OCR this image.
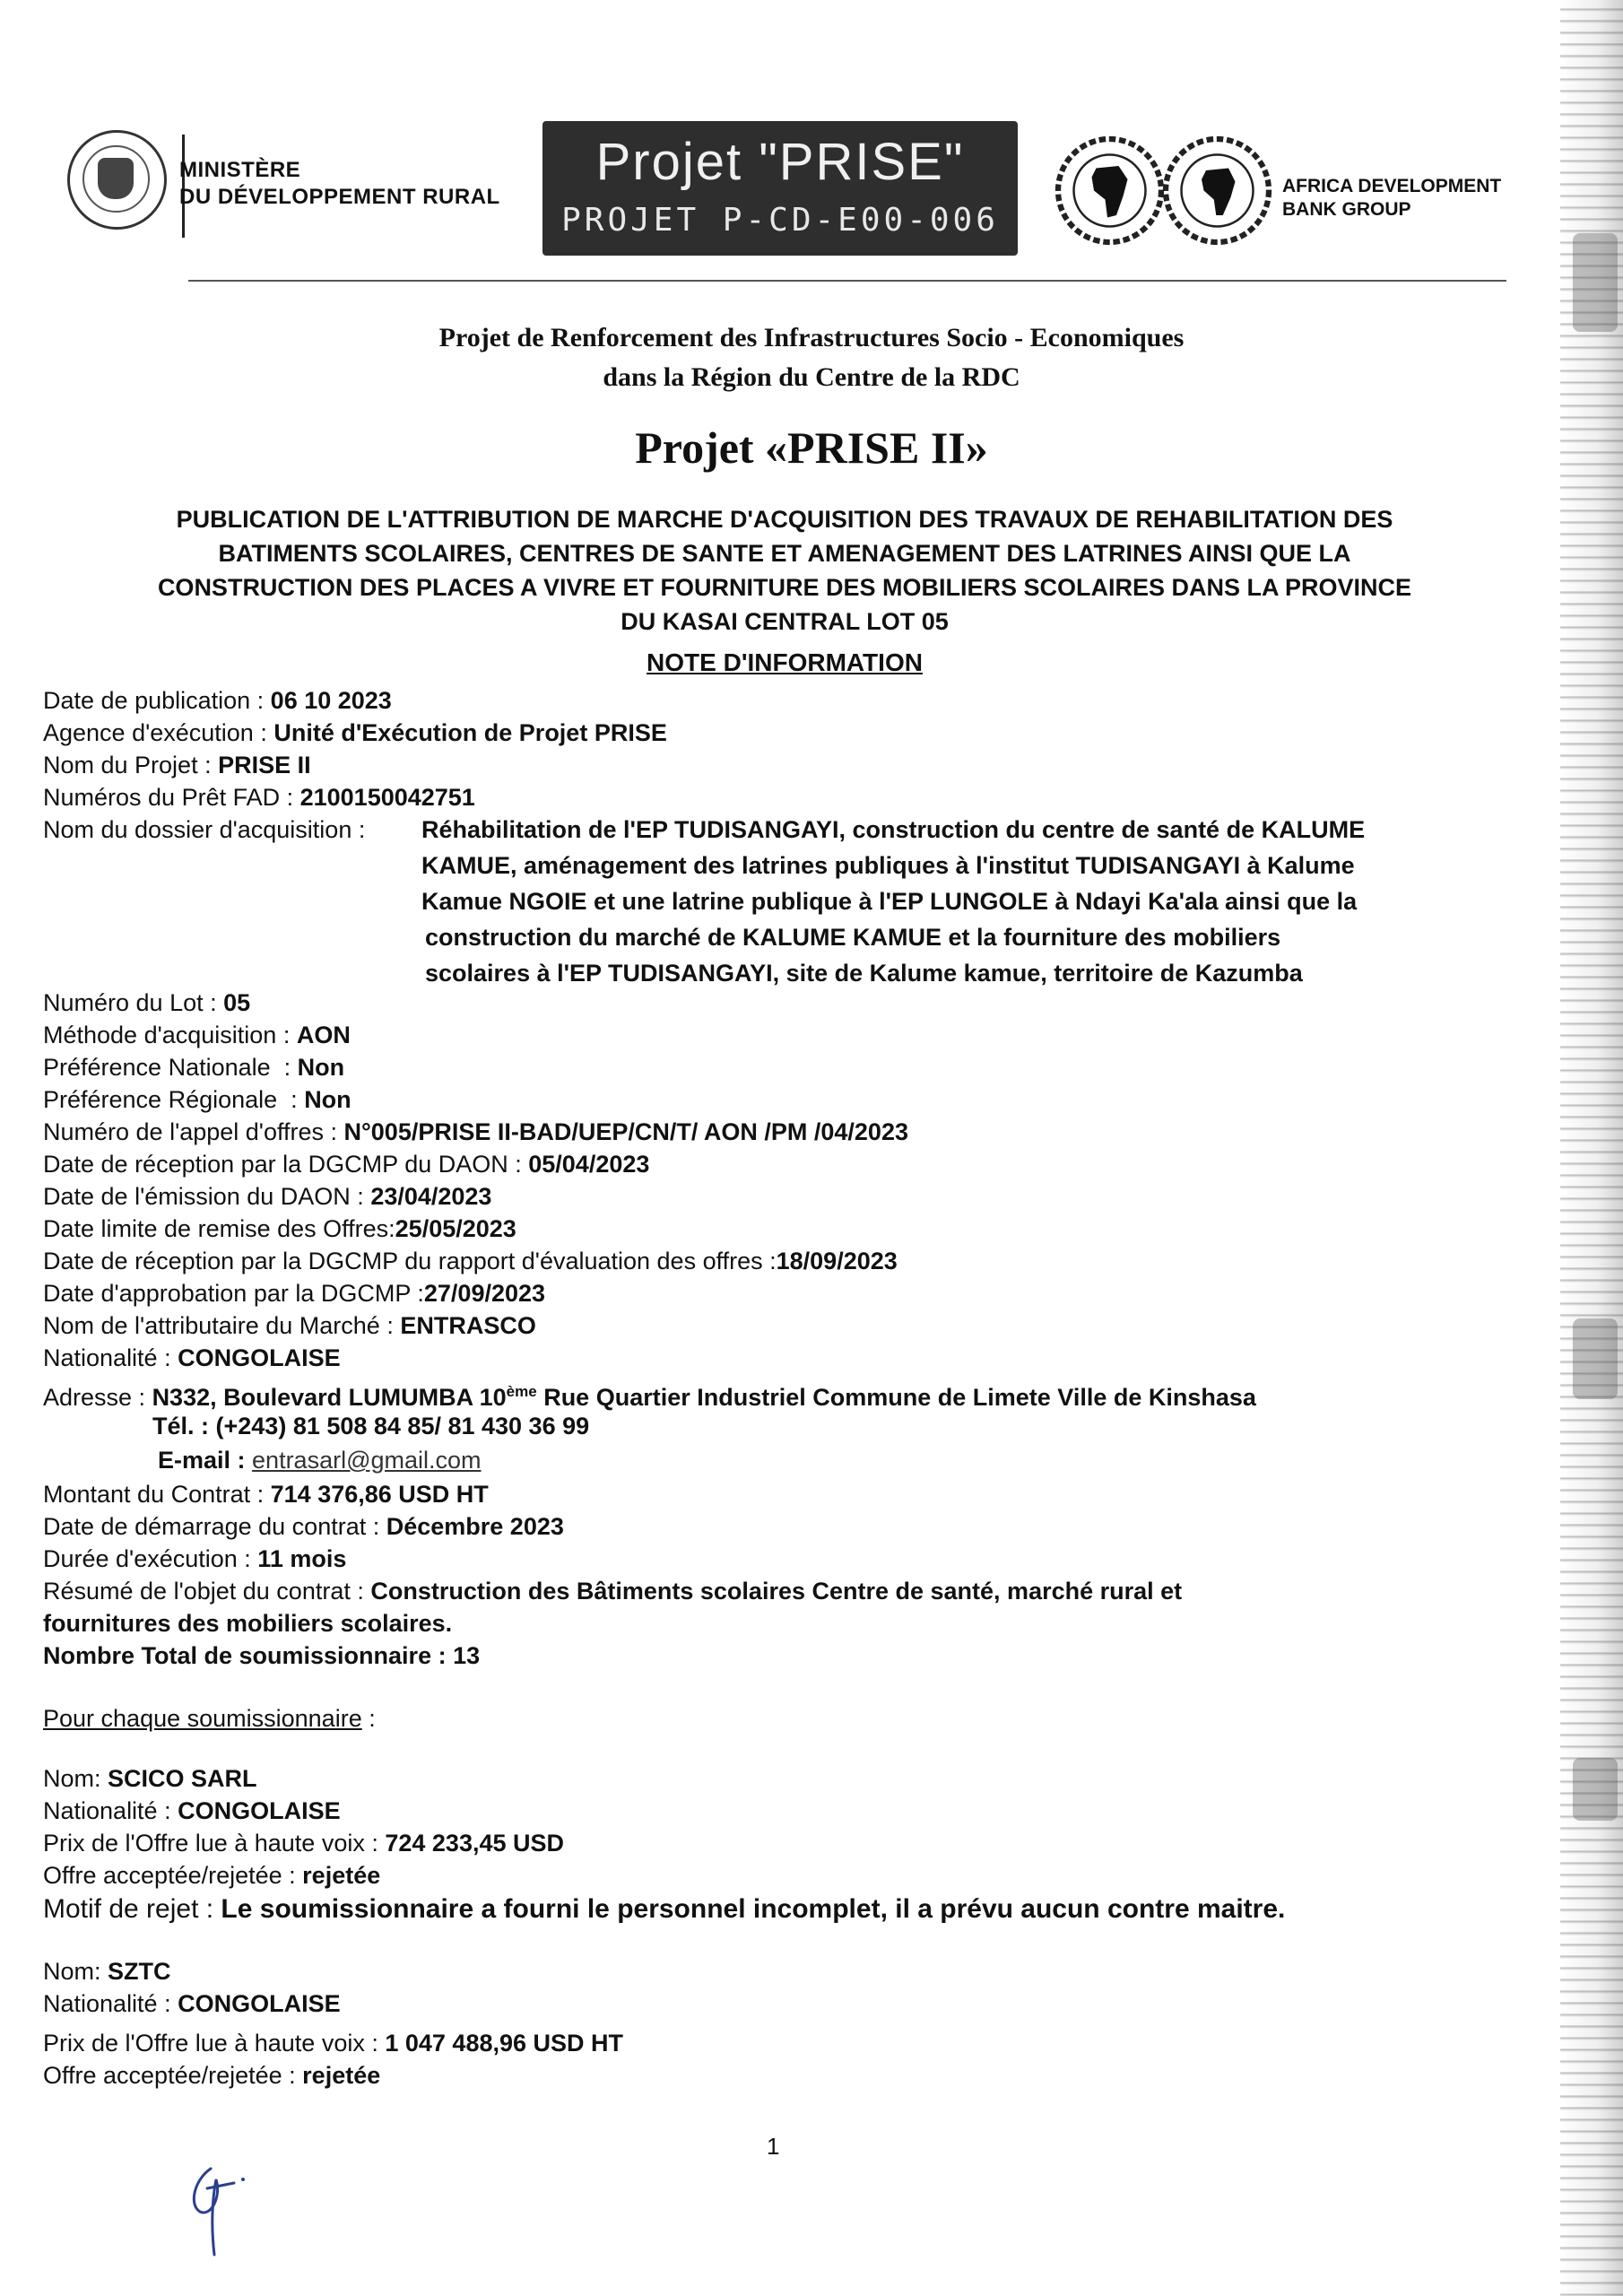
MINISTÈRE
DU DÉVELOPPEMENT RURAL
Projet "PRISE"
PROJET P-CD-E00-006
AFRICA DEVELOPMENT
BANK GROUP
Projet de Renforcement des Infrastructures Socio - Economiques
dans la Région du Centre de la RDC
Projet «PRISE II»
PUBLICATION DE L'ATTRIBUTION DE MARCHE D'ACQUISITION DES TRAVAUX DE REHABILITATION DES
BATIMENTS SCOLAIRES, CENTRES DE SANTE ET AMENAGEMENT DES LATRINES AINSI QUE LA
CONSTRUCTION DES PLACES A VIVRE ET FOURNITURE DES MOBILIERS SCOLAIRES DANS LA PROVINCE
DU KASAI CENTRAL LOT 05
NOTE D'INFORMATION
Date de publication : 06 10 2023
Agence d'exécution : Unité d'Exécution de Projet PRISE
Nom du Projet : PRISE II
Numéros du Prêt FAD : 2100150042751
Nom du dossier d'acquisition : Réhabilitation de l'EP TUDISANGAYI, construction du centre de santé de KALUME
KAMUE, aménagement des latrines publiques à l'institut TUDISANGAYI à Kalume
Kamue NGOIE et une latrine publique à l'EP LUNGOLE à Ndayi Ka'ala ainsi que la
construction du marché de KALUME KAMUE et la fourniture des mobiliers
scolaires à l'EP TUDISANGAYI, site de Kalume kamue, territoire de Kazumba
Numéro du Lot : 05
Méthode d'acquisition : AON
Préférence Nationale  : Non
Préférence Régionale  : Non
Numéro de l'appel d'offres : N°005/PRISE II-BAD/UEP/CN/T/ AON /PM /04/2023
Date de réception par la DGCMP du DAON : 05/04/2023
Date de l'émission du DAON : 23/04/2023
Date limite de remise des Offres:25/05/2023
Date de réception par la DGCMP du rapport d'évaluation des offres :18/09/2023
Date d'approbation par la DGCMP :27/09/2023
Nom de l'attributaire du Marché : ENTRASCO
Nationalité : CONGOLAISE
Adresse : N332, Boulevard LUMUMBA 10ème Rue Quartier Industriel Commune de Limete Ville de Kinshasa
Tél. : (+243) 81 508 84 85/ 81 430 36 99
E-mail : entrasarl@gmail.com
Montant du Contrat : 714 376,86 USD HT
Date de démarrage du contrat : Décembre 2023
Durée d'exécution : 11 mois
Résumé de l'objet du contrat : Construction des Bâtiments scolaires Centre de santé, marché rural et
fournitures des mobiliers scolaires.
Nombre Total de soumissionnaire : 13
Pour chaque soumissionnaire :
Nom: SCICO SARL
Nationalité : CONGOLAISE
Prix de l'Offre lue à haute voix : 724 233,45 USD
Offre acceptée/rejetée : rejetée
Motif de rejet : Le soumissionnaire a fourni le personnel incomplet, il a prévu aucun contre maitre.
Nom: SZTC
Nationalité : CONGOLAISE
Prix de l'Offre lue à haute voix : 1 047 488,96 USD HT
Offre acceptée/rejetée : rejetée
1
